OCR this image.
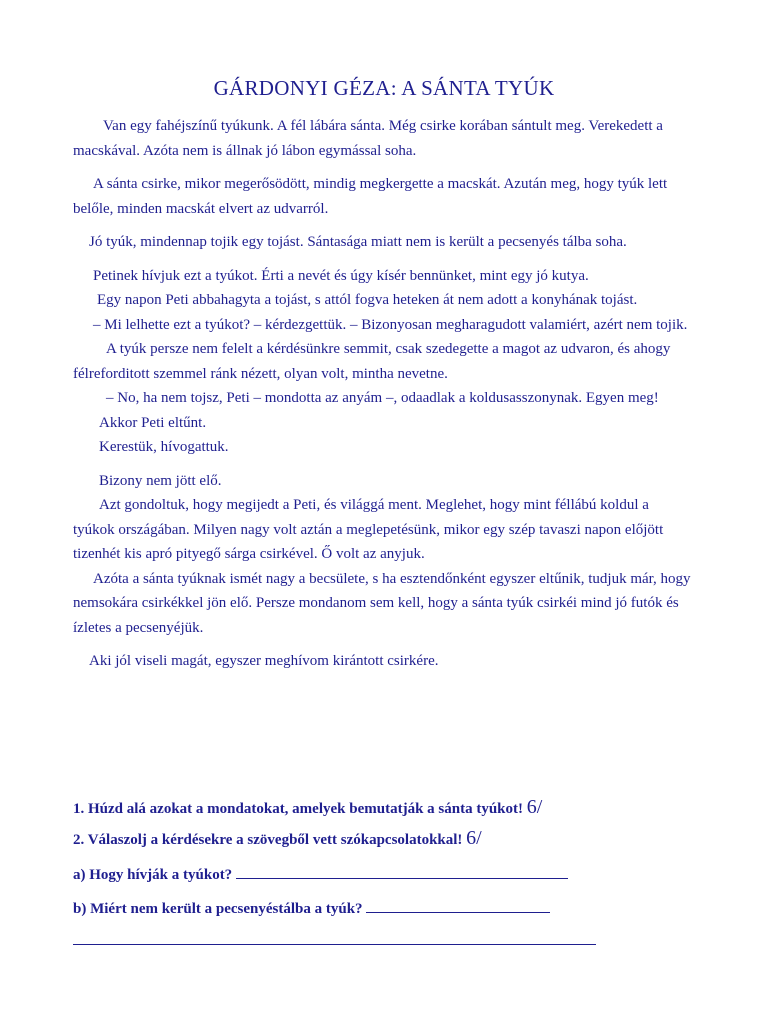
GÁRDONYI GÉZA: A SÁNTA TYÚK

Van egy fahéjszínű tyúkunk. A fél lábára sánta. Még csirke korában sántult meg. Verekedett a macskával. Azóta nem is állnak jó lábon egymással soha.

A sánta csirke, mikor megerősödött, mindig megkergette a macskát. Azután meg, hogy tyúk lett belőle, minden macskát elvert az udvarról.

Jó tyúk, mindennap tojik egy tojást. Sántasága miatt nem is került a pecsenyés tálba soha.

Petinek hívjuk ezt a tyúkot. Érti a nevét és úgy kísér bennünket, mint egy jó kutya.

Egy napon Peti abbahagyta a tojást, s attól fogva heteken át nem adott a konyhának tojást.

– Mi lelhette ezt a tyúkot? – kérdezgettük. – Bizonyosan megharagudott valamiért, azért nem tojik.

A tyúk persze nem felelt a kérdésünkre semmit, csak szedegette a magot az udvaron, és ahogy félreforditott szemmel ránk nézett, olyan volt, mintha nevetne.

– No, ha nem tojsz, Peti – mondotta az anyám –, odaadlak a koldusasszonynak. Egyen meg!

Akkor Peti eltűnt.

Kerestük, hívogattuk.

Bizony nem jött elő.

Azt gondoltuk, hogy megijedt a Peti, és világgá ment. Meglehet, hogy mint féllábú koldul a tyúkok országában. Milyen nagy volt aztán a meglepetésünk, mikor egy szép tavaszi napon előjött tizenhét kis apró pityegő sárga csirkével. Ő volt az anyjuk.

Azóta a sánta tyúknak ismét nagy a becsülete, s ha esztendőnként egyszer eltűnik, tudjuk már, hogy nemsokára csirkékkel jön elő. Persze mondanom sem kell, hogy a sánta tyúk csirkéi mind jó futók és ízletes a pecsenyéjük.

Aki jól viseli magát, egyszer meghívom kirántott csirkére.

1. Húzd alá azokat a mondatokat, amelyek bemutatják a sánta tyúkot! 6/
2. Válaszolj a kérdésekre a szövegből vett szókapcsolatokkal! 6/
a) Hogy hívják a tyúkot?
b) Miért nem került a pecsenyéstálba a tyúk?
